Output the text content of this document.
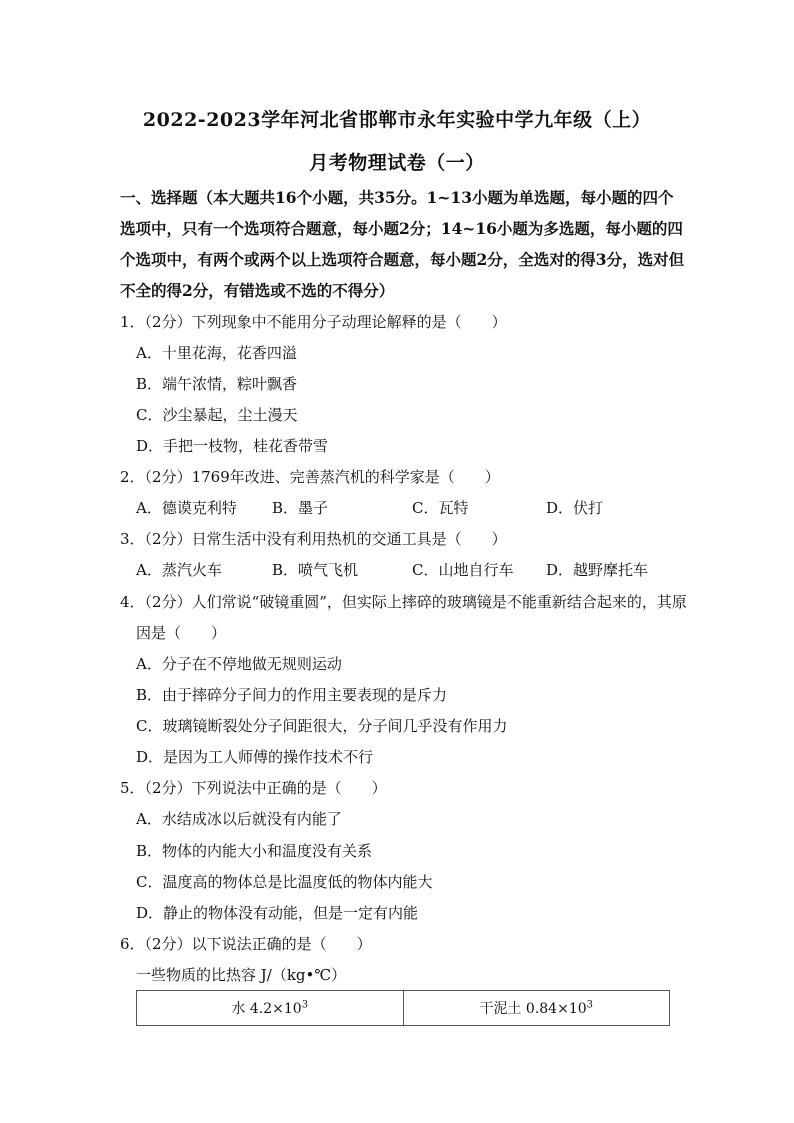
2022-2023学年河北省邯郸市永年实验中学九年级（上）
月考物理试卷（一）
一、选择题（本大题共16个小题，共35分。1~13小题为单选题，每小题的四个选项中，只有一个选项符合题意，每小题2分；14~16小题为多选题，每小题的四个选项中，有两个或两个以上选项符合题意，每小题2分，全选对的得3分，选对但不全的得2分，有错选或不选的不得分）
1．（2分）下列现象中不能用分子动理论解释的是（　　）
A．十里花海，花香四溢
B．端午浓情，粽叶飘香
C．沙尘暴起，尘土漫天
D．手把一枝物，桂花香带雪
2．（2分）1769年改进、完善蒸汽机的科学家是（　　）
A．德谟克利特 B．墨子	C．瓦特	D．伏打
3．（2分）日常生活中没有利用热机的交通工具是（　　）
A．蒸汽火车	B．喷气飞机	C．山地自行车 D．越野摩托车
4．（2分）人们常说“破镜重圆”，但实际上摔碎的玻璃镜是不能重新结合起来的，其原
因是（　　）
A．分子在不停地做无规则运动
B．由于摔碎分子间力的作用主要表现的是斥力
C．玻璃镜断裂处分子间距很大，分子间几乎没有作用力
D．是因为工人师傅的操作技术不行
5．（2分）下列说法中正确的是（　　）
A．水结成冰以后就没有内能了
B．物体的内能大小和温度没有关系
C．温度高的物体总是比温度低的物体内能大
D．静止的物体没有动能，但是一定有内能
6．（2分）以下说法正确的是（　　）
一些物质的比热容 J/（kg•℃）
水 $4.2\times 10^3$	干泥土 $0.84\times 10^3$
